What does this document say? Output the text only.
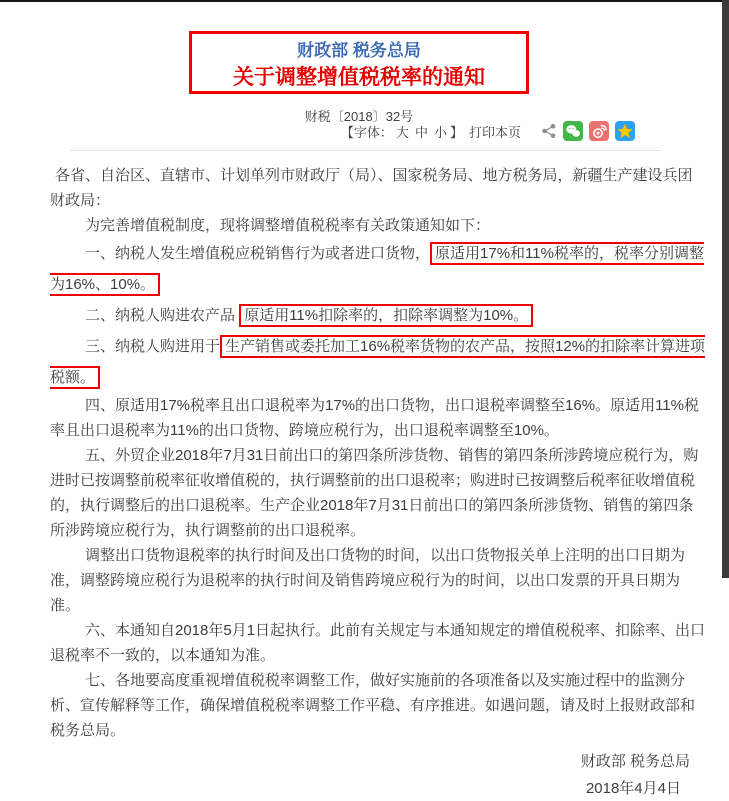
财政部 税务总局
关于调整增值税税率的通知
财税〔2018〕32号
【字体： 大 中 小 】 打印本页

各省、自治区、直辖市、计划单列市财政厅（局）、国家税务局、地方税务局，新疆生产建设兵团财政局：

为完善增值税制度，现将调整增值税税率有关政策通知如下：

一、纳税人发生增值税应税销售行为或者进口货物， 原适用17%和11%税率的，税率分别调整为16%、10%。

二、纳税人购进农产品 原适用11%扣除率的，扣除率调整为10%。

三、纳税人购进用于 生产销售或委托加工16%税率货物的农产品，按照12%的扣除率计算进项税额。

四、原适用17%税率且出口退税率为17%的出口货物，出口退税率调整至16%。原适用11%税率且出口退税率为11%的出口货物、跨境应税行为，出口退税率调整至10%。

五、外贸企业2018年7月31日前出口的第四条所涉货物、销售的第四条所涉跨境应税行为，购进时已按调整前税率征收增值税的，执行调整前的出口退税率；购进时已按调整后税率征收增值税的，执行调整后的出口退税率。生产企业2018年7月31日前出口的第四条所涉货物、销售的第四条所涉跨境应税行为，执行调整前的出口退税率。

调整出口货物退税率的执行时间及出口货物的时间，以出口货物报关单上注明的出口日期为准，调整跨境应税行为退税率的执行时间及销售跨境应税行为的时间，以出口发票的开具日期为准。

六、本通知自2018年5月1日起执行。此前有关规定与本通知规定的增值税税率、扣除率、出口退税率不一致的，以本通知为准。

七、各地要高度重视增值税税率调整工作，做好实施前的各项准备以及实施过程中的监测分析、宣传解释等工作，确保增值税税率调整工作平稳、有序推进。如遇问题，请及时上报财政部和税务总局。

财政部 税务总局

2018年4月4日
